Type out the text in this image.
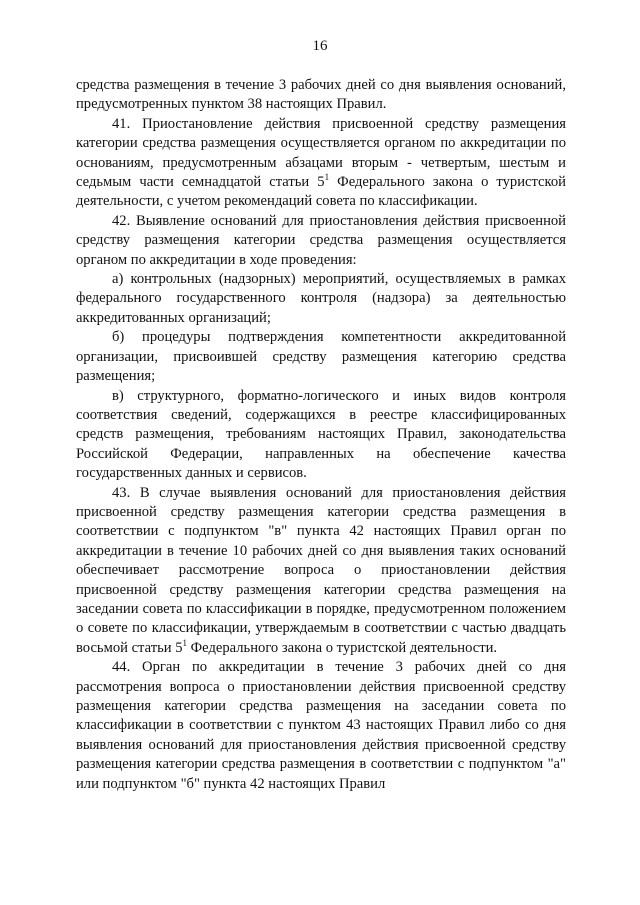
16

средства размещения в течение 3 рабочих дней со дня выявления оснований, предусмотренных пунктом 38 настоящих Правил.

41. Приостановление действия присвоенной средству размещения категории средства размещения осуществляется органом по аккредитации по основаниям, предусмотренным абзацами вторым - четвертым, шестым и седьмым части семнадцатой статьи $5^1$ Федерального закона о туристской деятельности, с учетом рекомендаций совета по классификации.

42. Выявление оснований для приостановления действия присвоенной средству размещения категории средства размещения осуществляется органом по аккредитации в ходе проведения:

а) контрольных (надзорных) мероприятий, осуществляемых в рамках федерального государственного контроля (надзора) за деятельностью аккредитованных организаций;

б) процедуры подтверждения компетентности аккредитованной организации, присвоившей средству размещения категорию средства размещения;

в) структурного, форматно-логического и иных видов контроля соответствия сведений, содержащихся в реестре классифицированных средств размещения, требованиям настоящих Правил, законодательства Российской Федерации, направленных на обеспечение качества государственных данных и сервисов.

43. В случае выявления оснований для приостановления действия присвоенной средству размещения категории средства размещения в соответствии с подпунктом "в" пункта 42 настоящих Правил орган по аккредитации в течение 10 рабочих дней со дня выявления таких оснований обеспечивает рассмотрение вопроса о приостановлении действия присвоенной средству размещения категории средства размещения на заседании совета по классификации в порядке, предусмотренном положением о совете по классификации, утверждаемым в соответствии с частью двадцать восьмой статьи $5^1$ Федерального закона о туристской деятельности.

44. Орган по аккредитации в течение 3 рабочих дней со дня рассмотрения вопроса о приостановлении действия присвоенной средству размещения категории средства размещения на заседании совета по классификации в соответствии с пунктом 43 настоящих Правил либо со дня выявления оснований для приостановления действия присвоенной средству размещения категории средства размещения в соответствии с подпунктом "а" или подпунктом "б" пункта 42 настоящих Правил
